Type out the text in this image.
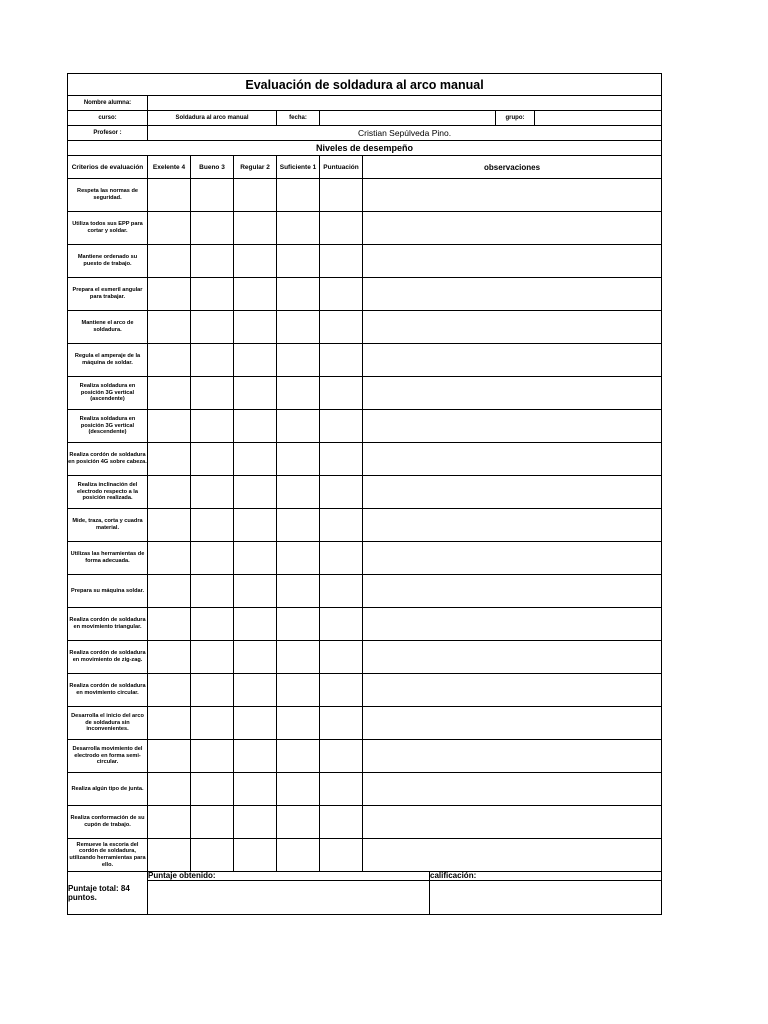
Evaluación de soldadura al arco manual									
Nombre alumna:									
curso:	Soldadura al arco manual			fecha:				grupo:	
Profesor :	Cristian Sepúlveda Pino.								
Niveles de desempeño									
Criterios de evaluación	Exelente 4	Bueno 3	Regular 2	Suficiente 1	Puntuación	observaciones			
Respeta las normas de seguridad.									
Utiliza todos sus EPP para cortar y soldar.									
Mantiene ordenado su puesto de trabajo.									
Prepara el esmeril angular para trabajar.									
Mantiene el arco de soldadura.									
Regula el amperaje de la máquina de soldar.									
Realiza soldadura en posición 3G vertical (ascendente)									
Realiza soldadura en posición 3G vertical (descendente)									
Realiza cordón de soldadura en posición 4G sobre cabeza.									
Realiza inclinación del electrodo respecto a la posición realizada.									
Mide, traza, corta y cuadra material.									
Utilizas las herramientas de forma adecuada.									
Prepara su máquina soldar.									
Realiza cordón de soldadura en movimiento triangular.									
Realiza cordón de soldadura en movimiento de zig-zag.									
Realiza cordón de soldadura en movimiento circular.									
Desarrolla el inicio del arco de soldadura sin inconvenientes.									
Desarrolla movimiento del electrodo en forma semi-circular.									
Realiza algún tipo de junta.									
Realiza conformación de su cupón de trabajo.									
Remueve la escoria del cordón de soldadura, utilizando herramientas para ello.									
Puntaje total: 84 puntos.	Puntaje obtenido:						calificación:		
